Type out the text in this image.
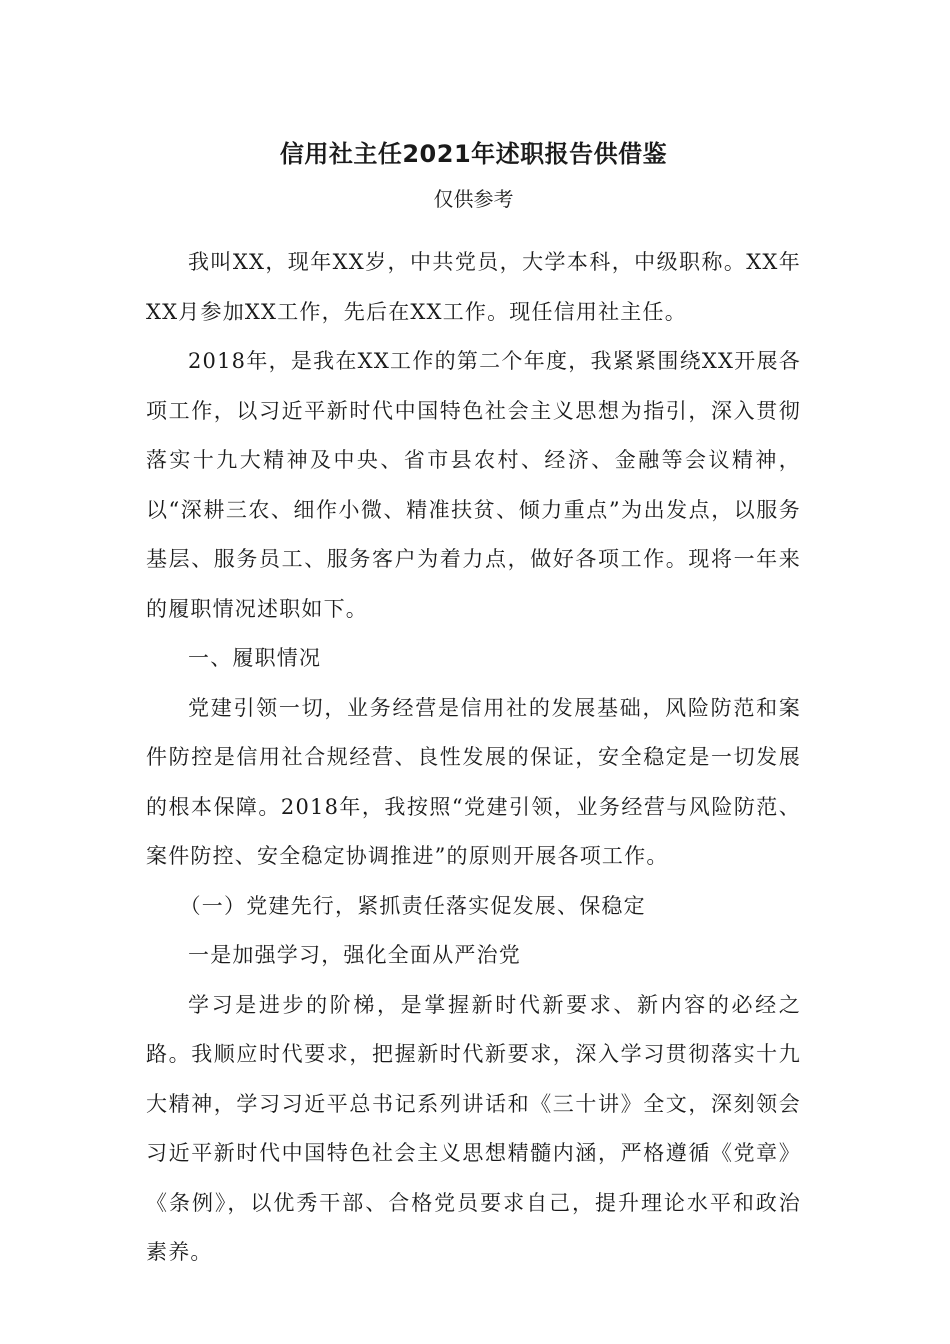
信用社主任2021年述职报告供借鉴

仅供参考

我叫XX，现年XX岁，中共党员，大学本科，中级职称。XX年XX月参加XX工作，先后在XX工作。现任信用社主任。

2018年，是我在XX工作的第二个年度，我紧紧围绕XX开展各项工作，以习近平新时代中国特色社会主义思想为指引，深入贯彻落实十九大精神及中央、省市县农村、经济、金融等会议精神，以“深耕三农、细作小微、精准扶贫、倾力重点”为出发点，以服务基层、服务员工、服务客户为着力点，做好各项工作。现将一年来的履职情况述职如下。

一、履职情况

党建引领一切，业务经营是信用社的发展基础，风险防范和案件防控是信用社合规经营、良性发展的保证，安全稳定是一切发展的根本保障。2018年，我按照“党建引领，业务经营与风险防范、案件防控、安全稳定协调推进”的原则开展各项工作。

（一）党建先行，紧抓责任落实促发展、保稳定

一是加强学习，强化全面从严治党

学习是进步的阶梯，是掌握新时代新要求、新内容的必经之路。我顺应时代要求，把握新时代新要求，深入学习贯彻落实十九大精神，学习习近平总书记系列讲话和《三十讲》全文，深刻领会习近平新时代中国特色社会主义思想精髓内涵，严格遵循《党章》《条例》，以优秀干部、合格党员要求自己，提升理论水平和政治素养。
